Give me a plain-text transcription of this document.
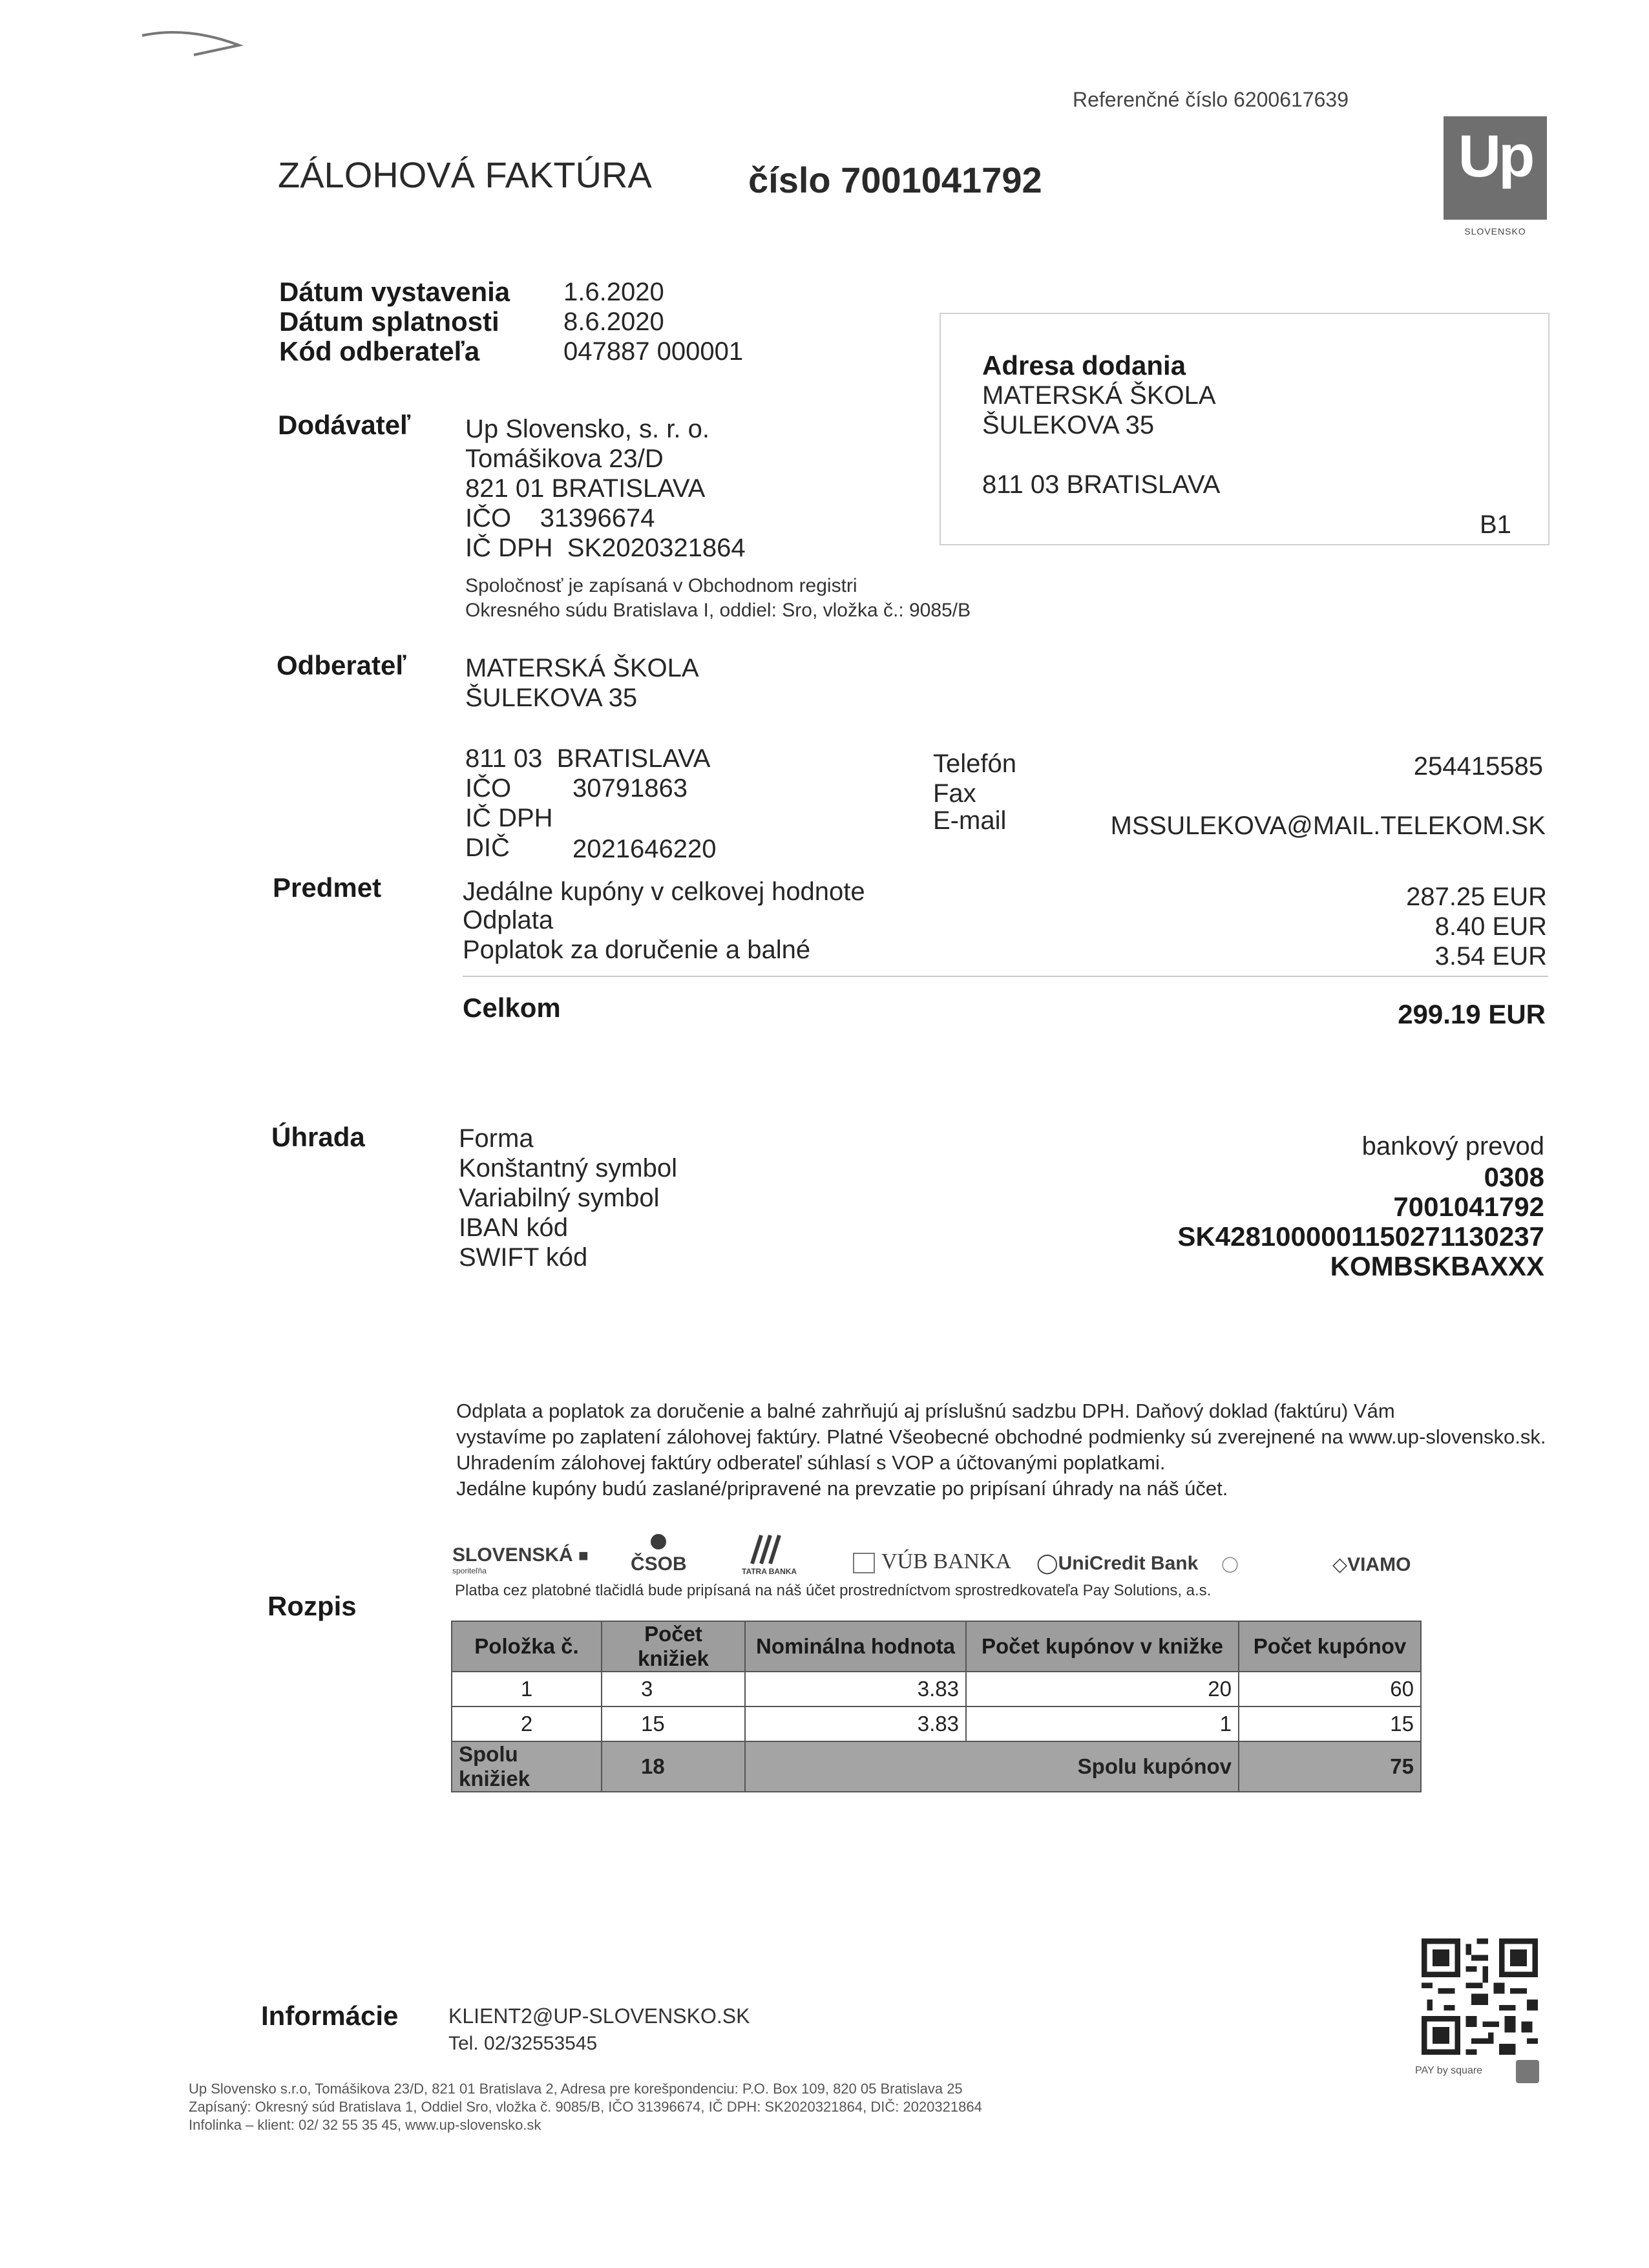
Referenčné číslo 6200617639
ZÁLOHOVÁ FAKTÚRA	číslo 7001041792	Up
SLOVENSKO
Dátum vystavenia 1.6.2020
Dátum splatnosti 8.6.2020
Kód odberateľa	047887 000001	Adresa dodania
MATERSKÁ ŠKOLA
ŠULEKOVA 35
811 03 BRATISLAVA
B1
Dodávateľ Up Slovensko, s. r. o.
Tomášikova 23/D
821 01 BRATISLAVA
IČO    31396674
IČ DPH  SK2020321864
Spoločnosť je zapísaná v Obchodnom registri
Okresného súdu Bratislava I, oddiel: Sro, vložka č.: 9085/B
Odberateľ MATERSKÁ ŠKOLA
ŠULEKOVA 35
811 03  BRATISLAVA
IČO 30791863
IČ DPH
DIČ 2021646220
Telefón	254415585
Fax
E-mail	MSSULEKOVA@MAIL.TELEKOM.SK
Predmet	Jedálne kupóny v celkovej hodnote	287.25 EUR
Odplata	8.40 EUR
Poplatok za doručenie a balné	3.54 EUR
Celkom	299.19 EUR
Úhrada	Forma	bankový prevod
Konštantný symbol	0308
Variabilný symbol	7001041792
IBAN kód	SK4281000001150271130237
SWIFT kód	KOMBSKBAXXX
Odplata a poplatok za doručenie a balné zahrňujú aj príslušnú sadzbu DPH. Daňový doklad (faktúru) Vám
vystavíme po zaplatení zálohovej faktúry. Platné Všeobecné obchodné podmienky sú zverejnené na www.up-slovensko.sk.
Uhradením zálohovej faktúry odberateľ súhlasí s VOP a účtovanými poplatkami.
Jedálne kupóny budú zaslané/pripravené na prevzatie po pripísaní úhrady na náš účet.
SLOVENSKÁ ■
sporiteľňa	ČSOB	TATRA BANKA	VÚB BANKA ◯UniCredit Bank ◯	◇VIAMO
Platba cez platobné tlačidlá bude pripísaná na náš účet prostredníctvom sprostredkovateľa Pay Solutions, a.s.
Rozpis
Položka č.	Počet knižiek	Nominálna hodnota	Počet kupónov v knižke	Počet kupónov
1	3	3.83	20	60
2	15	3.83	1	15
Spolu knižiek	18	Spolu kupónov		75
PAY by square
Informácie KLIENT2@UP-SLOVENSKO.SK
Tel. 02/32553545
Up Slovensko s.r.o, Tomášikova 23/D, 821 01 Bratislava 2, Adresa pre korešpondenciu: P.O. Box 109, 820 05 Bratislava 25
Zapísaný: Okresný súd Bratislava 1, Oddiel Sro, vložka č. 9085/B, IČO 31396674, IČ DPH: SK2020321864, DIČ: 2020321864
Infolinka – klient: 02/ 32 55 35 45, www.up-slovensko.sk
